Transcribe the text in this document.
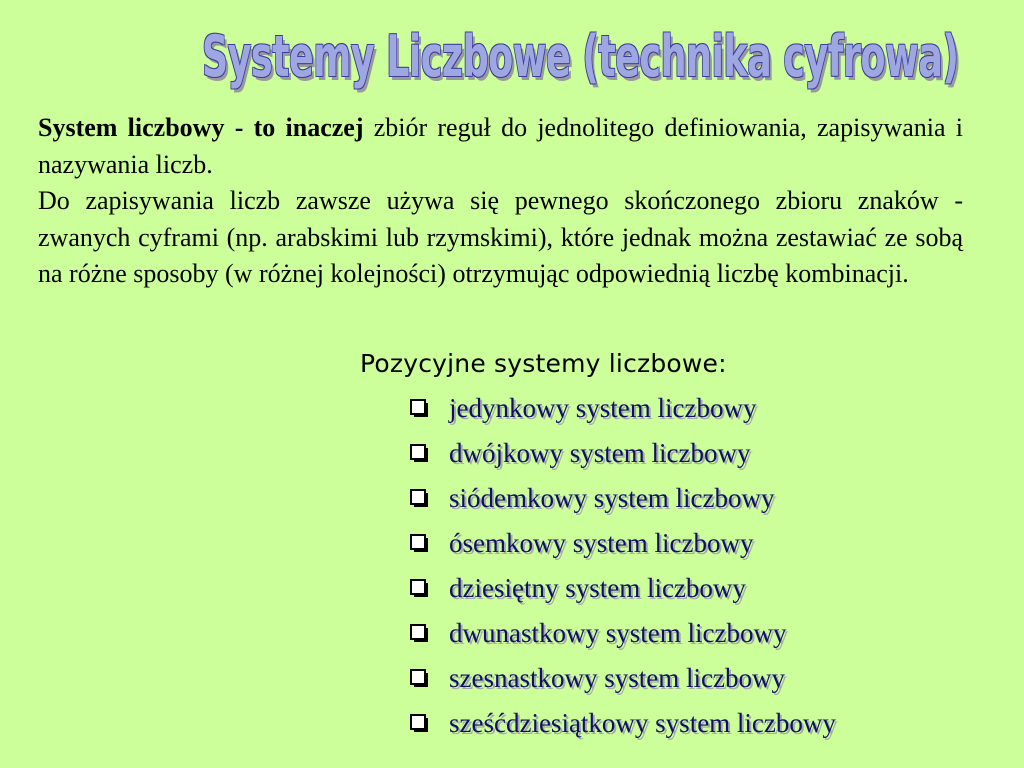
Systemy Liczbowe (technika cyfrowa)

System liczbowy - to inaczej zbiór reguł do jednolitego definiowania, zapisywania i nazywania liczb.

Do zapisywania liczb zawsze używa się pewnego skończonego zbioru znaków - zwanych cyframi (np. arabskimi lub rzymskimi), które jednak można zestawiać ze sobą na różne sposoby (w różnej kolejności) otrzymując odpowiednią liczbę kombinacji.

Pozycyjne systemy liczbowe:
jedynkowy system liczbowy
dwójkowy system liczbowy
siódemkowy system liczbowy
ósemkowy system liczbowy
dziesiętny system liczbowy
dwunastkowy system liczbowy
szesnastkowy system liczbowy
sześćdziesiątkowy system liczbowy
